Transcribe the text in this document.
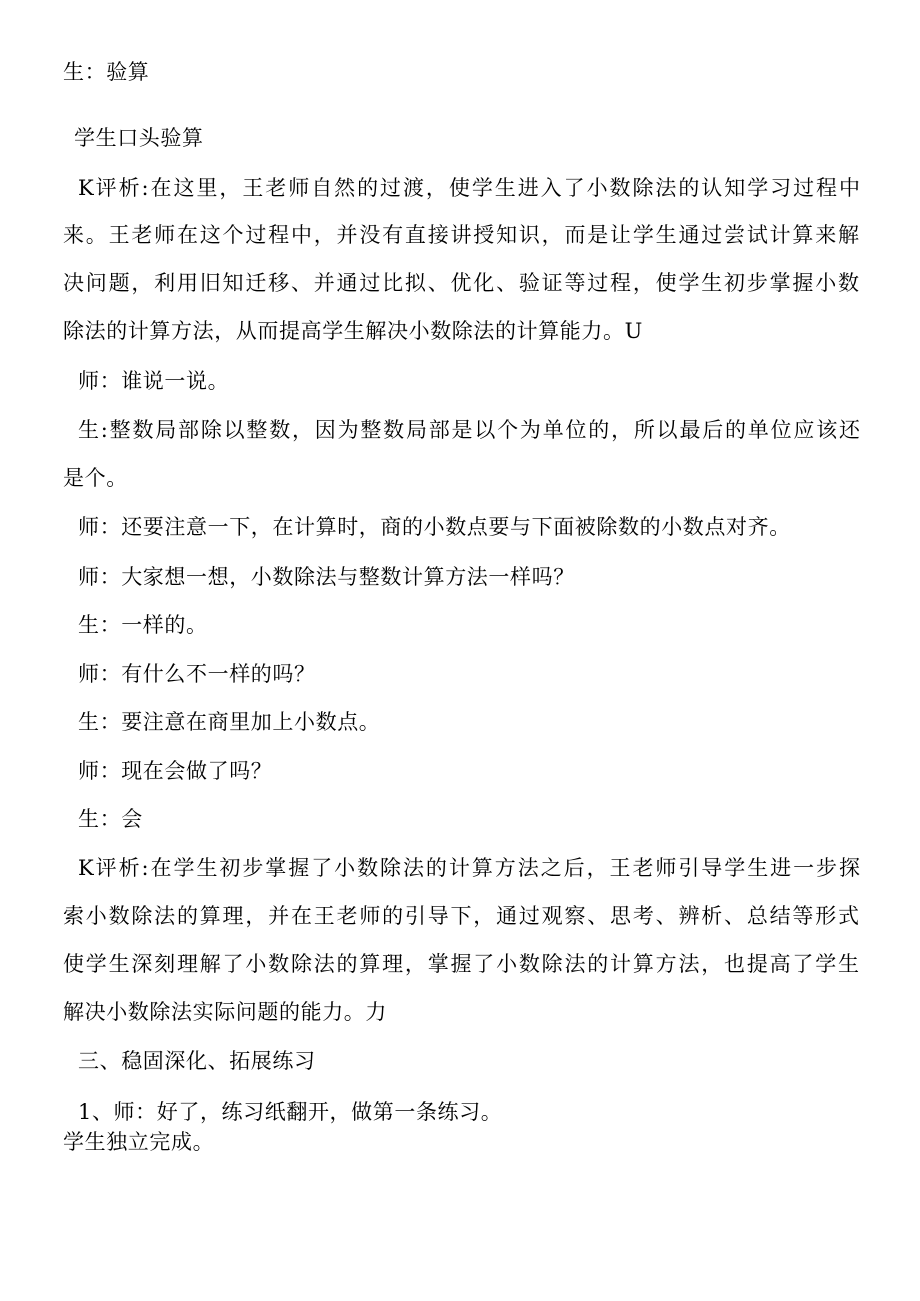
生：验算

学生口头验算

K评析:在这里，王老师自然的过渡，使学生进入了小数除法的认知学习过程中

来。王老师在这个过程中，并没有直接讲授知识，而是让学生通过尝试计算来解

决问题，利用旧知迁移、并通过比拟、优化、验证等过程，使学生初步掌握小数

除法的计算方法，从而提高学生解决小数除法的计算能力。U

师：谁说一说。

生:整数局部除以整数，因为整数局部是以个为单位的，所以最后的单位应该还

是个。

师：还要注意一下，在计算时，商的小数点要与下面被除数的小数点对齐。

师：大家想一想，小数除法与整数计算方法一样吗？

生：一样的。

师：有什么不一样的吗？

生：要注意在商里加上小数点。

师：现在会做了吗？

生：会

K评析:在学生初步掌握了小数除法的计算方法之后，王老师引导学生进一步探

索小数除法的算理，并在王老师的引导下，通过观察、思考、辨析、总结等形式

使学生深刻理解了小数除法的算理，掌握了小数除法的计算方法，也提高了学生

解决小数除法实际问题的能力。力

三、稳固深化、拓展练习

1、师：好了，练习纸翻开，做第一条练习。

学生独立完成。
